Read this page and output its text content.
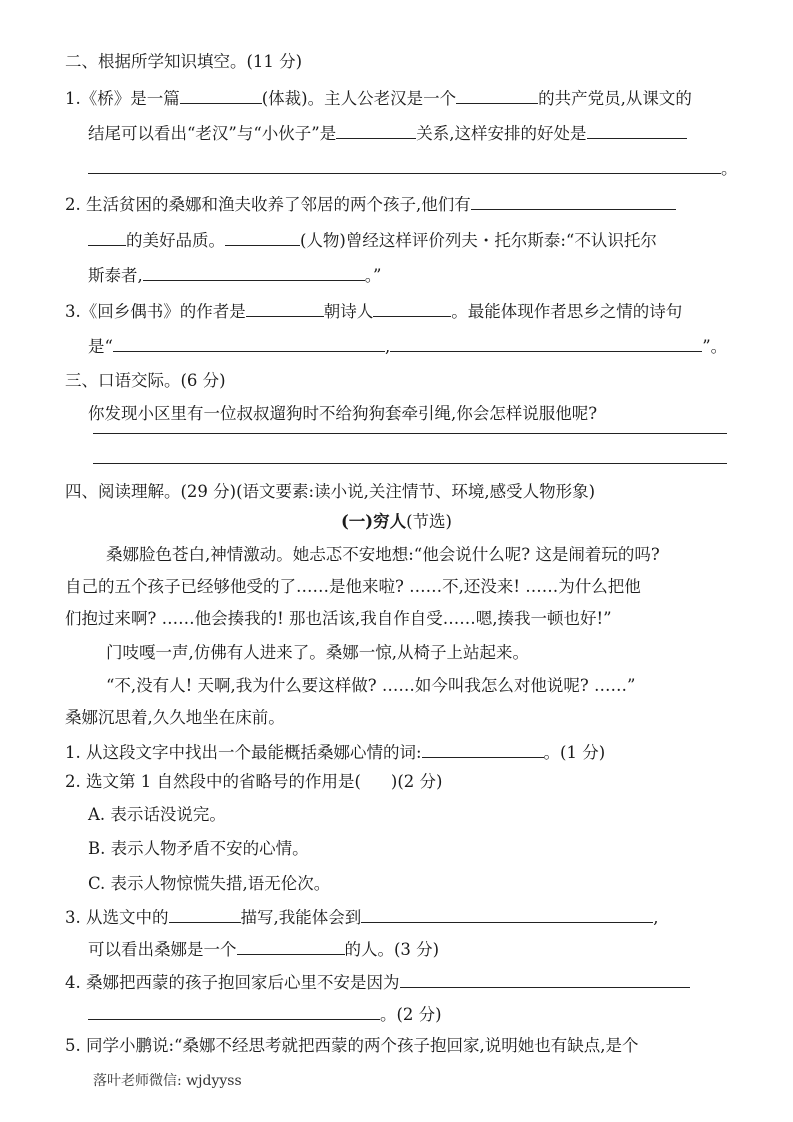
二、根据所学知识填空。(11 分)
1.《桥》是一篇	(体裁)。主人公老汉是一个	的共产党员,从课文的
结尾可以看出“老汉”与“小伙子”是	关系,这样安排的好处是
。
2. 生活贫困的桑娜和渔夫收养了邻居的两个孩子,他们有
的美好品质。	(人物)曾经这样评价列夫・托尔斯泰:“不认识托尔
斯泰者,	。”
3.《回乡偶书》的作者是	朝诗人	。最能体现作者思乡之情的诗句
是“	,	”。
三、口语交际。(6 分)
你发现小区里有一位叔叔遛狗时不给狗狗套牵引绳,你会怎样说服他呢?
四、阅读理解。(29 分)(语文要素:读小说,关注情节、环境,感受人物形象)
(一)穷人(节选)
桑娜脸色苍白,神情激动。她忐忑不安地想:“他会说什么呢? 这是闹着玩的吗?
自己的五个孩子已经够他受的了……是他来啦? ……不,还没来! ……为什么把他
们抱过来啊? ……他会揍我的! 那也活该,我自作自受……嗯,揍我一顿也好!”
门吱嘎一声,仿佛有人进来了。桑娜一惊,从椅子上站起来。
“不,没有人! 天啊,我为什么要这样做? ……如今叫我怎么对他说呢? ……”
桑娜沉思着,久久地坐在床前。
1. 从这段文字中找出一个最能概括桑娜心情的词:	。(1 分)
2. 选文第 1 自然段中的省略号的作用是( )(2 分)
A. 表示话没说完。
B. 表示人物矛盾不安的心情。
C. 表示人物惊慌失措,语无伦次。
3. 从选文中的	描写,我能体会到	,
可以看出桑娜是一个	的人。(3 分)
4. 桑娜把西蒙的孩子抱回家后心里不安是因为
。(2 分)
5. 同学小鹏说:“桑娜不经思考就把西蒙的两个孩子抱回家,说明她也有缺点,是个
落叶老师微信: wjdyyss
